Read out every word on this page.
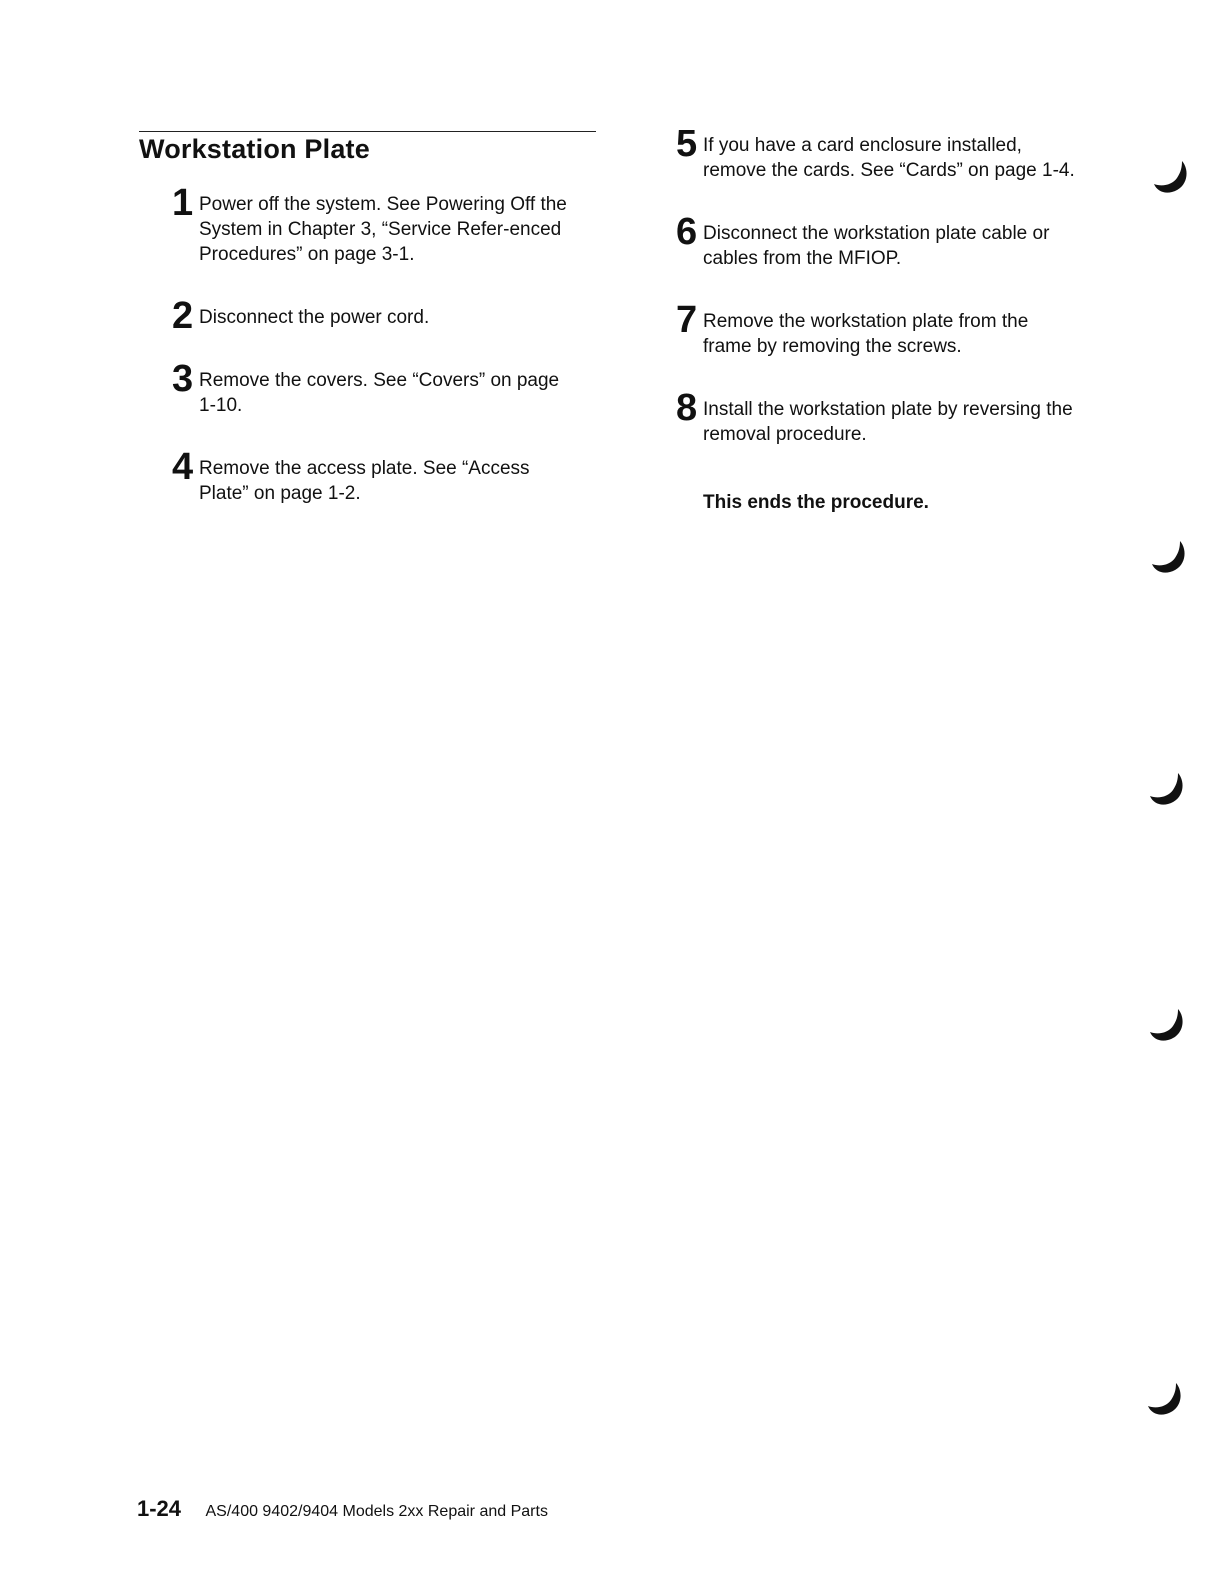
Workstation Plate
1 Power off the system. See Powering Off the System in Chapter 3, “Service Refer-enced Procedures” on page 3-1.
2 Disconnect the power cord.
3 Remove the covers. See “Covers” on page 1-10.
4 Remove the access plate. See “Access Plate” on page 1-2.
5 If you have a card enclosure installed, remove the cards. See “Cards” on page 1-4.
6 Disconnect the workstation plate cable or cables from the MFIOP.
7 Remove the workstation plate from the frame by removing the screws.
8 Install the workstation plate by reversing the removal procedure.
This ends the procedure.
1-24 AS/400 9402/9404 Models 2xx Repair and Parts
